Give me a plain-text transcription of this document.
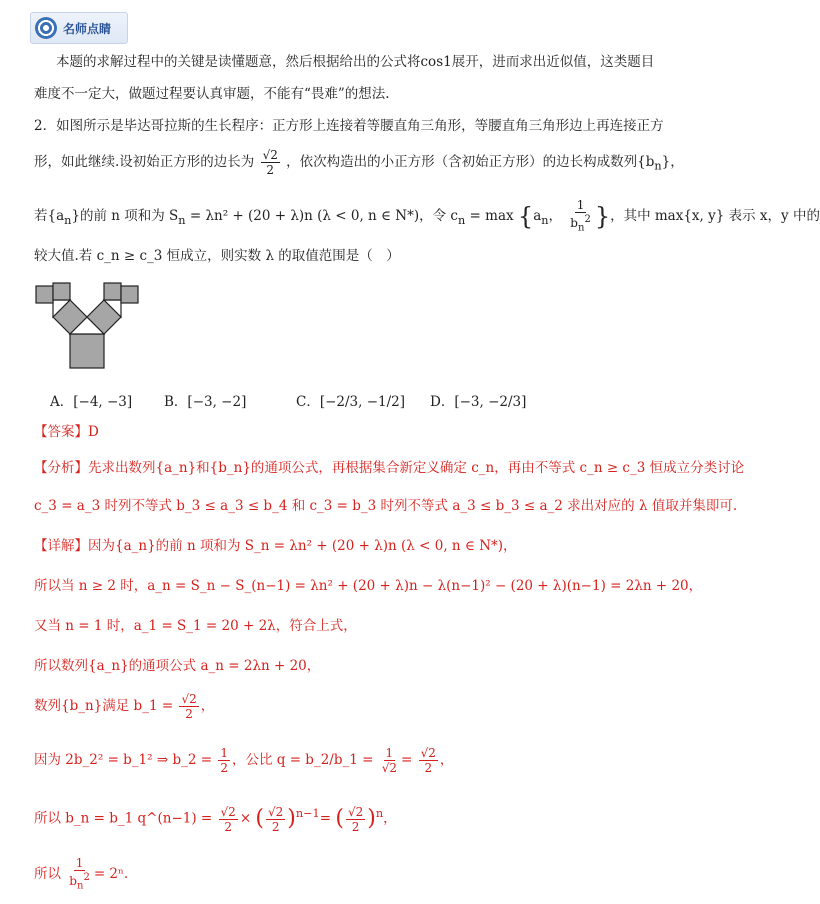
名师点睛
本题的求解过程中的关键是读懂题意，然后根据给出的公式将cos1展开，进而求出近似值，这类题目
难度不一定大，做题过程要认真审题，不能有“畏难”的想法.
2．如图所示是毕达哥拉斯的生长程序：正方形上连接着等腰直角三角形，等腰直角三角形边上再连接正方
形，如此继续.设初始正方形的边长为 $\frac{√2}{2}$ ，依次构造出的小正方形（含初始正方形）的边长构成数列$\{b_n\}$，
若$\{a_n\}$的前 n 项和为 $S_n = \lambda n^2 + (20 + \lambda)n$ (λ < 0, n ∈ N*)，令 $c_n = \max \{a_n$， $\frac{1}{b_n^2}$ }，其中 max{x, y} 表示 x，y 中的
较大值.若 c_n ≥ c_3 恒成立，则实数 λ 的取值范围是（　）
A．[−4, −3] B．[−3, −2]	C．[−2/3, −1/2] D．[−3, −2/3]
【答案】D
【分析】先求出数列{a_n}和{b_n}的通项公式，再根据集合新定义确定 c_n，再由不等式 c_n ≥ c_3 恒成立分类讨论
c_3 = a_3 时列不等式 b_3 ≤ a_3 ≤ b_4 和 c_3 = b_3 时列不等式 a_3 ≤ b_3 ≤ a_2 求出对应的 λ 值取并集即可.
【详解】因为{a_n}的前 n 项和为 S_n = λn² + (20 + λ)n (λ < 0, n ∈ N*)，
所以当 n ≥ 2 时，a_n = S_n − S_(n−1) = λn² + (20 + λ)n − λ(n−1)² − (20 + λ)(n−1) = 2λn + 20，
又当 n = 1 时，a_1 = S_1 = 20 + 2λ，符合上式，
所以数列{a_n}的通项公式 a_n = 2λn + 20，
数列{b_n}满足 b_1 = $\frac{√2}{2}$ ，
因为 2b_2² = b_1² ⇒ b_2 = $\frac{1}{2}$ ，公比 q = b_2/b_1 = $\frac{1}{√2} = \frac{√2}{2}$ ，
所以 b_n = b_1 q^(n−1) = $\frac{√2}{2}$ × ( $\frac{√2}{2} )^{n-1}=$ ( $\frac{√2}{2} )^n$，
所以 $\frac{1}{b_n^2} = 2^n$.
